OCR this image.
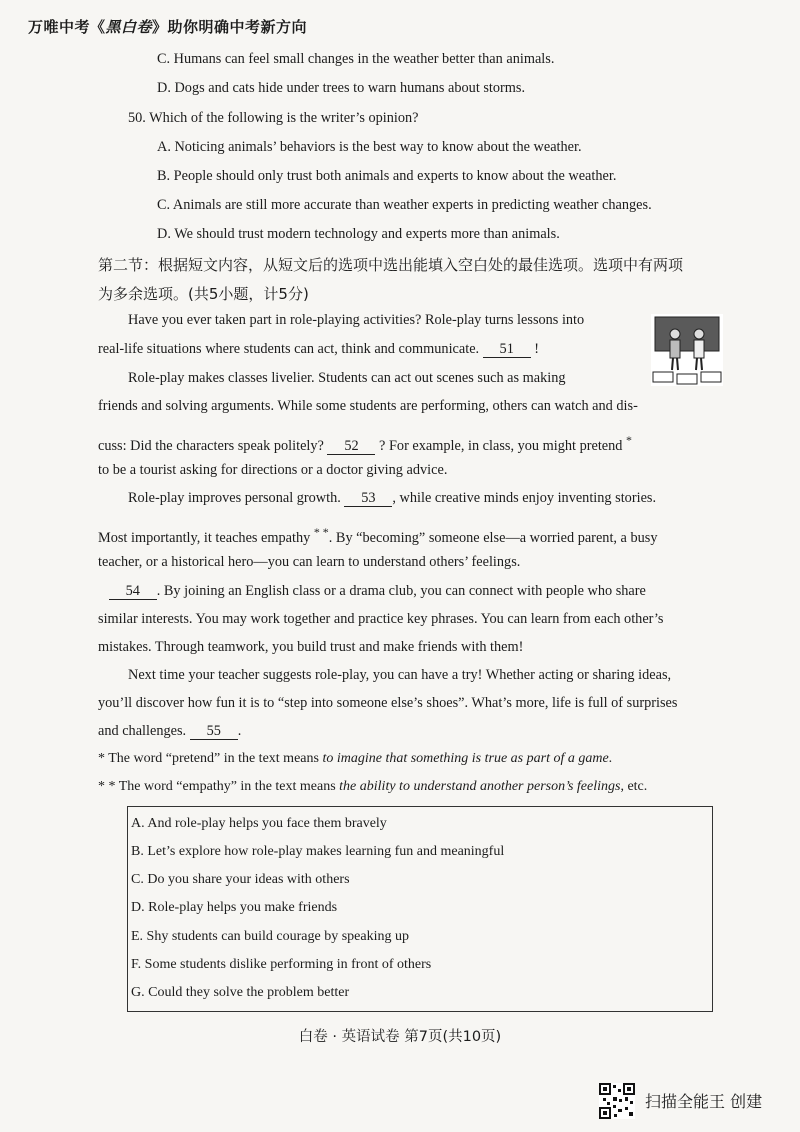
万唯中考《黑白卷》助你明确中考新方向
C. Humans can feel small changes in the weather better than animals.
D. Dogs and cats hide under trees to warn humans about storms.
50. Which of the following is the writer’s opinion?
A. Noticing animals’ behaviors is the best way to know about the weather.
B. People should only trust both animals and experts to know about the weather.
C. Animals are still more accurate than weather experts in predicting weather changes.
D. We should trust modern technology and experts more than animals.
第二节：根据短文内容，从短文后的选项中选出能填入空白处的最佳选项。选项中有两项
为多余选项。(共5小题，计5分)
Have you ever taken part in role-playing activities? Role-play turns lessons into
real-life situations where students can act, think and communicate. 51 !
Role-play makes classes livelier. Students can act out scenes such as making
friends and solving arguments. While some students are performing, others can watch and dis-
cuss: Did the characters speak politely? 52 ? For example, in class, you might pretend *
to be a tourist asking for directions or a doctor giving advice.
Role-play improves personal growth. 53 , while creative minds enjoy inventing stories.
Most importantly, it teaches empathy * *. By “becoming” someone else—a worried parent, a busy
teacher, or a historical hero—you can learn to understand others’ feelings.
54 . By joining an English class or a drama club, you can connect with people who share
similar interests. You may work together and practice key phrases. You can learn from each other’s
mistakes. Through teamwork, you build trust and make friends with them!
Next time your teacher suggests role-play, you can have a try! Whether acting or sharing ideas,
you’ll discover how fun it is to “step into someone else’s shoes”. What’s more, life is full of surprises
and challenges. 55 .
* The word “pretend” in the text means to imagine that something is true as part of a game.
* * The word “empathy” in the text means the ability to understand another person’s feelings, etc.
A. And role-play helps you face them bravely
B. Let’s explore how role-play makes learning fun and meaningful
C. Do you share your ideas with others
D. Role-play helps you make friends
E. Shy students can build courage by speaking up
F. Some students dislike performing in front of others
G. Could they solve the problem better
白卷 · 英语试卷 第7页(共10页)
扫描全能王 创建
